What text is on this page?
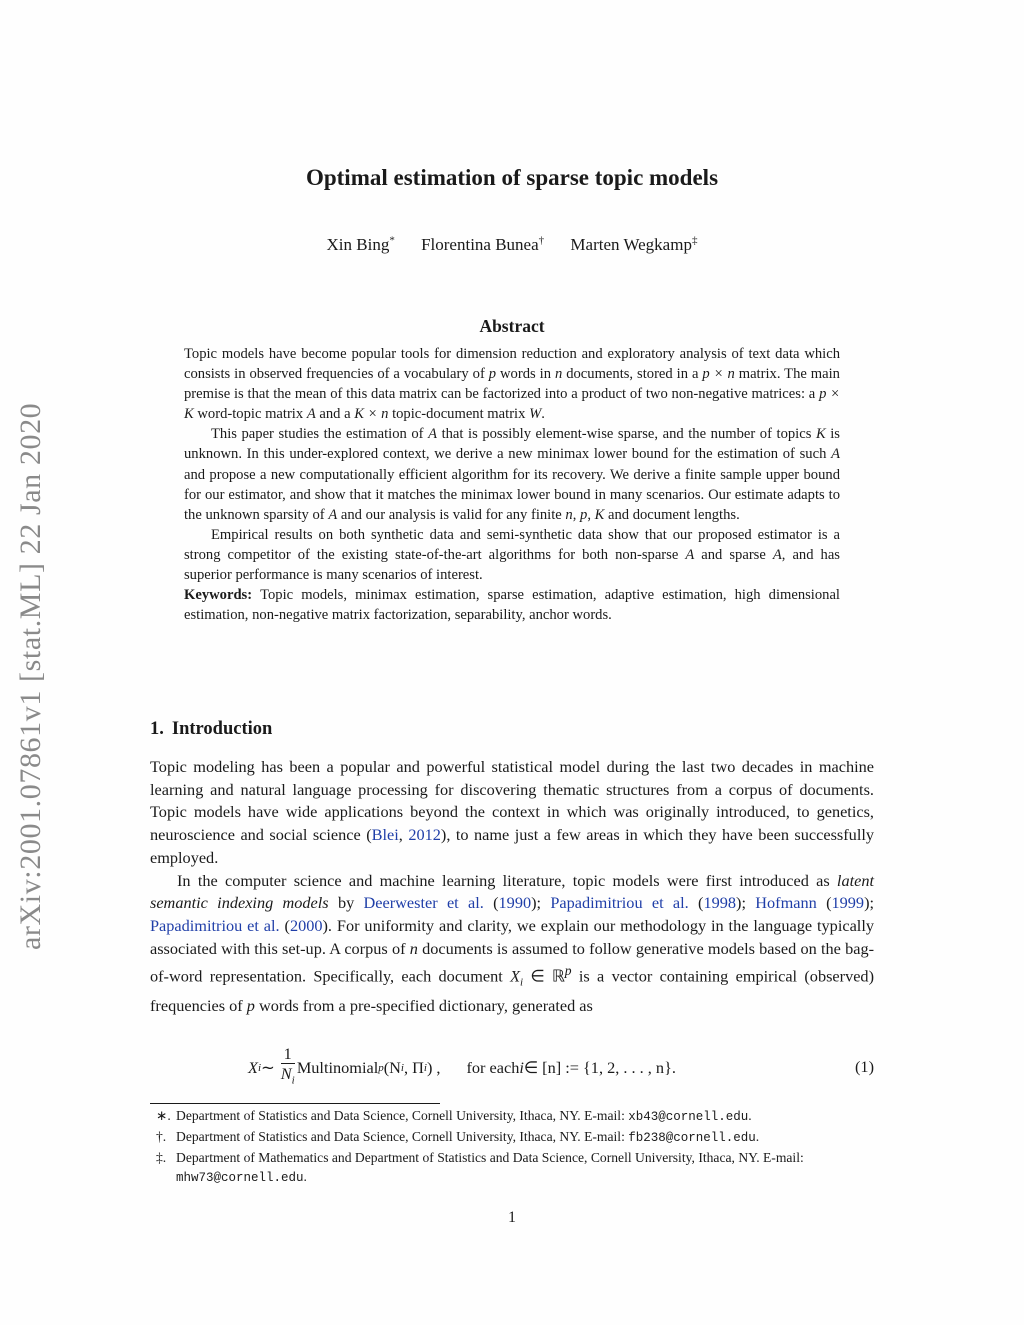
arXiv:2001.07861v1 [stat.ML] 22 Jan 2020
Optimal estimation of sparse topic models
Xin Bing* Florentina Bunea† Marten Wegkamp‡
Abstract

Topic models have become popular tools for dimension reduction and exploratory analysis of text data which consists in observed frequencies of a vocabulary of p words in n documents, stored in a p × n matrix. The main premise is that the mean of this data matrix can be factorized into a product of two non-negative matrices: a p × K word-topic matrix A and a K × n topic-document matrix W.

This paper studies the estimation of A that is possibly element-wise sparse, and the number of topics K is unknown. In this under-explored context, we derive a new minimax lower bound for the estimation of such A and propose a new computationally efficient algorithm for its recovery. We derive a finite sample upper bound for our estimator, and show that it matches the minimax lower bound in many scenarios. Our estimate adapts to the unknown sparsity of A and our analysis is valid for any finite n, p, K and document lengths.

Empirical results on both synthetic data and semi-synthetic data show that our proposed estimator is a strong competitor of the existing state-of-the-art algorithms for both non-sparse A and sparse A, and has superior performance is many scenarios of interest.

Keywords: Topic models, minimax estimation, sparse estimation, adaptive estimation, high dimensional estimation, non-negative matrix factorization, separability, anchor words.

1. Introduction

Topic modeling has been a popular and powerful statistical model during the last two decades in machine learning and natural language processing for discovering thematic structures from a corpus of documents. Topic models have wide applications beyond the context in which was originally introduced, to genetics, neuroscience and social science (Blei, 2012), to name just a few areas in which they have been successfully employed.

In the computer science and machine learning literature, topic models were first introduced as latent semantic indexing models by Deerwester et al. (1990); Papadimitriou et al. (1998); Hofmann (1999); Papadimitriou et al. (2000). For uniformity and clarity, we explain our methodology in the language typically associated with this set-up. A corpus of n documents is assumed to follow generative models based on the bag-of-word representation. Specifically, each document $X_i$ ∈ ℝ$^p$ is a vector containing empirical (observed) frequencies of p words from a pre-specified dictionary, generated as

X i ∼ $\frac{1}{N_i}$ Multinomial p (N i , Π i ) , for each i ∈ [n] := {1, 2, . . . , n}.	(1)
∗. Department of Statistics and Data Science, Cornell University, Ithaca, NY. E-mail: xb43@cornell.edu.
†. Department of Statistics and Data Science, Cornell University, Ithaca, NY. E-mail: fb238@cornell.edu.
‡. Department of Mathematics and Department of Statistics and Data Science, Cornell University, Ithaca, NY. E-mail: mhw73@cornell.edu.
1
